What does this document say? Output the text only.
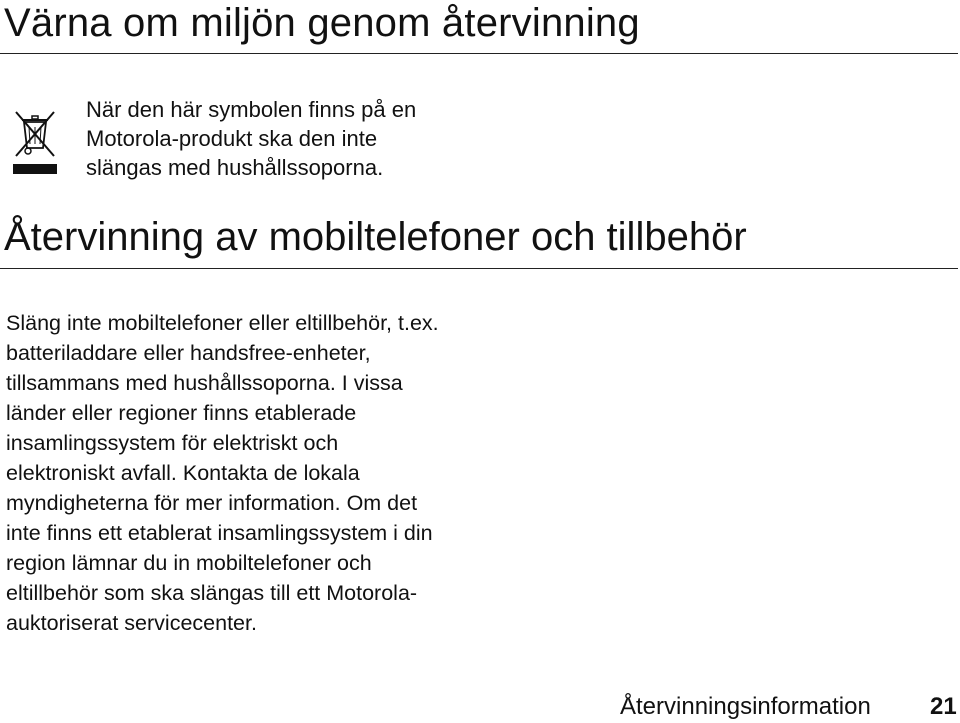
Värna om miljön genom återvinning

När den här symbolen finns på en
Motorola-produkt ska den inte
slängas med hushållssoporna.

Återvinning av mobiltelefoner och tillbehör

Släng inte mobiltelefoner eller eltillbehör, t.ex.
batteriladdare eller handsfree-enheter,
tillsammans med hushållssoporna. I vissa
länder eller regioner finns etablerade
insamlingssystem för elektriskt och
elektroniskt avfall. Kontakta de lokala
myndigheterna för mer information. Om det
inte finns ett etablerat insamlingssystem i din
region lämnar du in mobiltelefoner och
eltillbehör som ska slängas till ett Motorola-
auktoriserat servicecenter.

Återvinningsinformation 21
